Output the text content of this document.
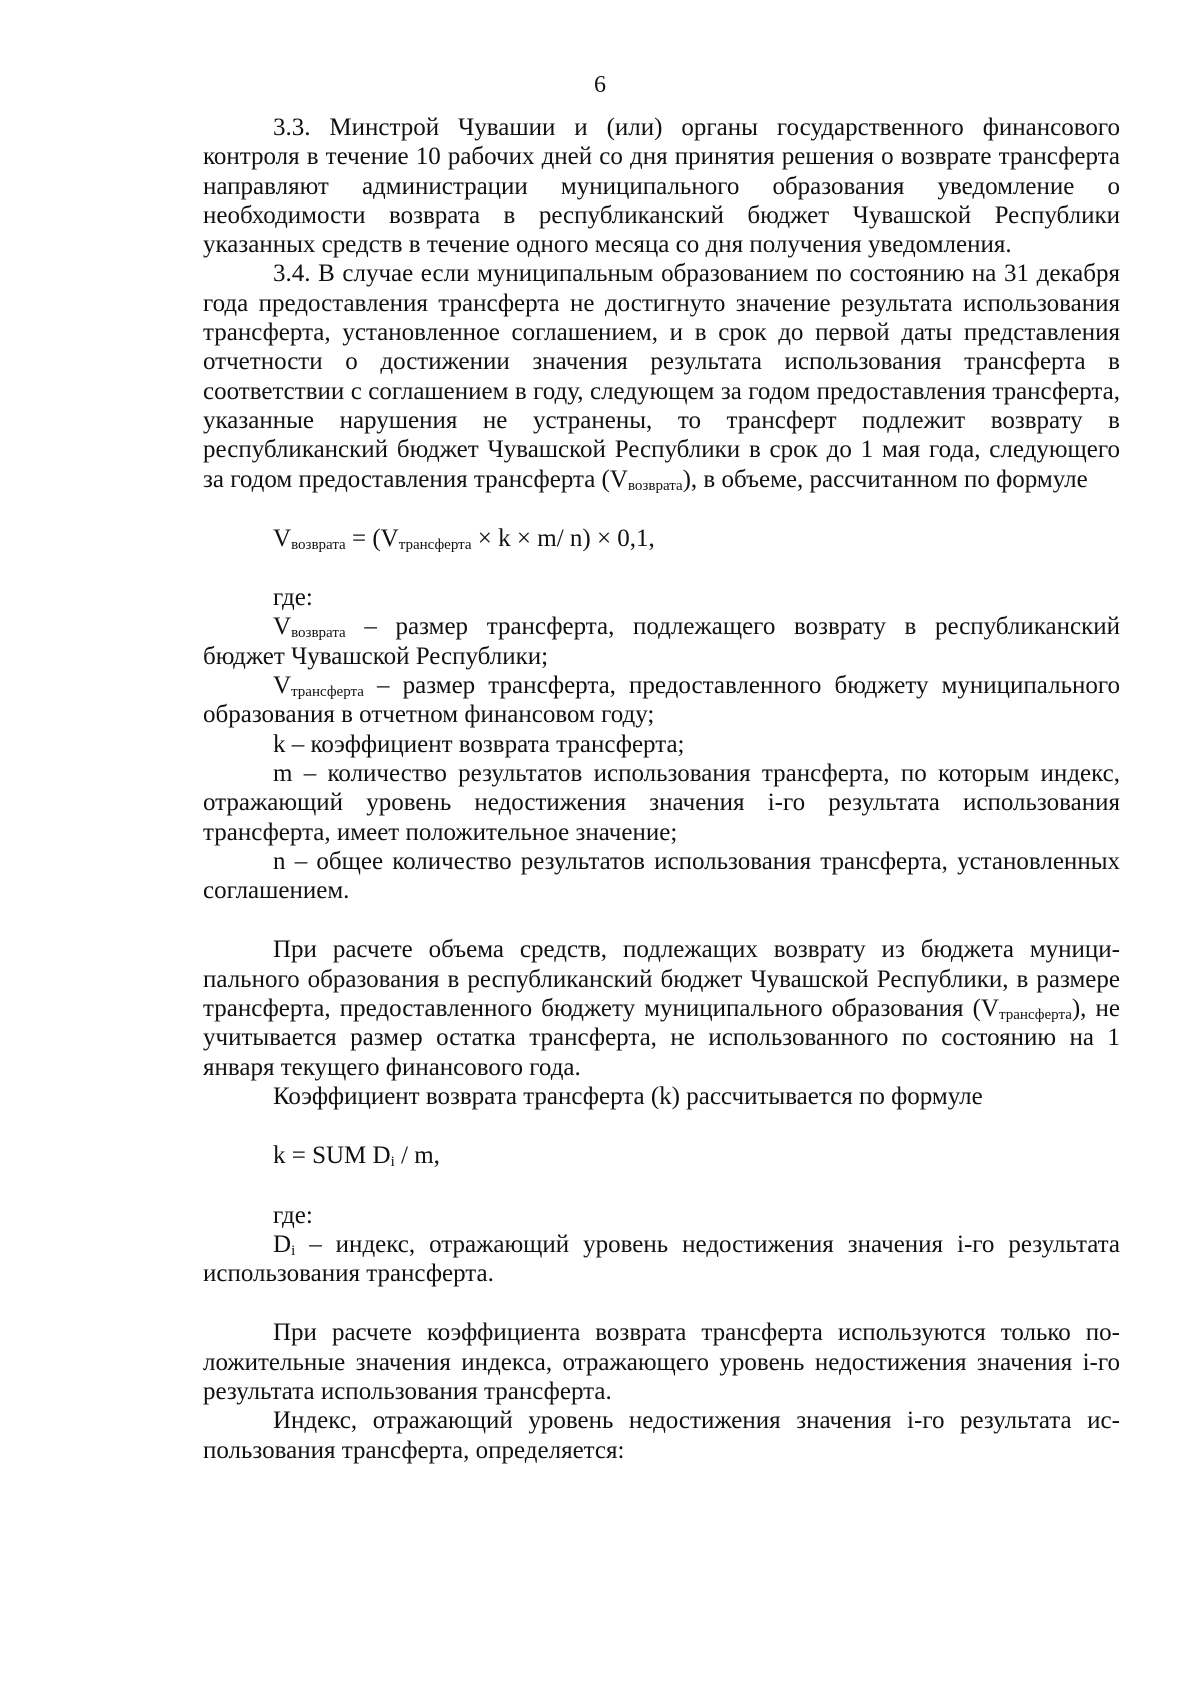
6

3.3. Минстрой Чувашии и (или) органы государственного финансового контроля в течение 10 рабочих дней со дня принятия решения о возврате трансферта направляют администрации муниципального образования уведомление о необходимости возврата в республиканский бюджет Чувашской Республики указанных средств в течение одного месяца со дня получения уведомления.

3.4. В случае если муниципальным образованием по состоянию на 31 декабря года предоставления трансферта не достигнуто значение результата использования трансферта, установленное соглашением, и в срок до первой даты представления отчетности о достижении значения результата использования трансферта в соответствии с соглашением в году, следующем за годом предоставления трансферта, указанные нарушения не устранены, то трансферт подлежит возврату в республиканский бюджет Чувашской Республики в срок до 1 мая года, следующего за годом предоставления трансферта $(V_{возврата})$, в объеме, рассчитанном по формуле

$V_{возврата} = (V_{трансферта} \times k \times m/$ n) × 0,1,

где:

$V_{возврата}$ – размер трансферта, подлежащего возврату в республиканский бюджет Чувашской Республики;

$V_{трансферта}$ – размер трансферта, предоставленного бюджету муниципального образования в отчетном финансовом году;

k – коэффициент возврата трансферта;

m – количество результатов использования трансферта, по которым индекс, отражающий уровень недостижения значения i-го результата использования трансферта, имеет положительное значение;

n – общее количество результатов использования трансферта, установленных соглашением.

При расчете объема средств, подлежащих возврату из бюджета муниципального образования в республиканский бюджет Чувашской Республики, в размере трансферта, предоставленного бюджету муниципального образования $(V_{трансферта})$, не учитывается размер остатка трансферта, не использованного по состоянию на 1 января текущего финансового года.

Коэффициент возврата трансферта (k) рассчитывается по формуле

k = SUM $D_i$ / m,

где:

$D_i$ – индекс, отражающий уровень недостижения значения i-го результата использования трансферта.

При расчете коэффициента возврата трансферта используются только положительные значения индекса, отражающего уровень недостижения значения i-го результата использования трансферта.

Индекс, отражающий уровень недостижения значения i-го результата использования трансферта, определяется:
